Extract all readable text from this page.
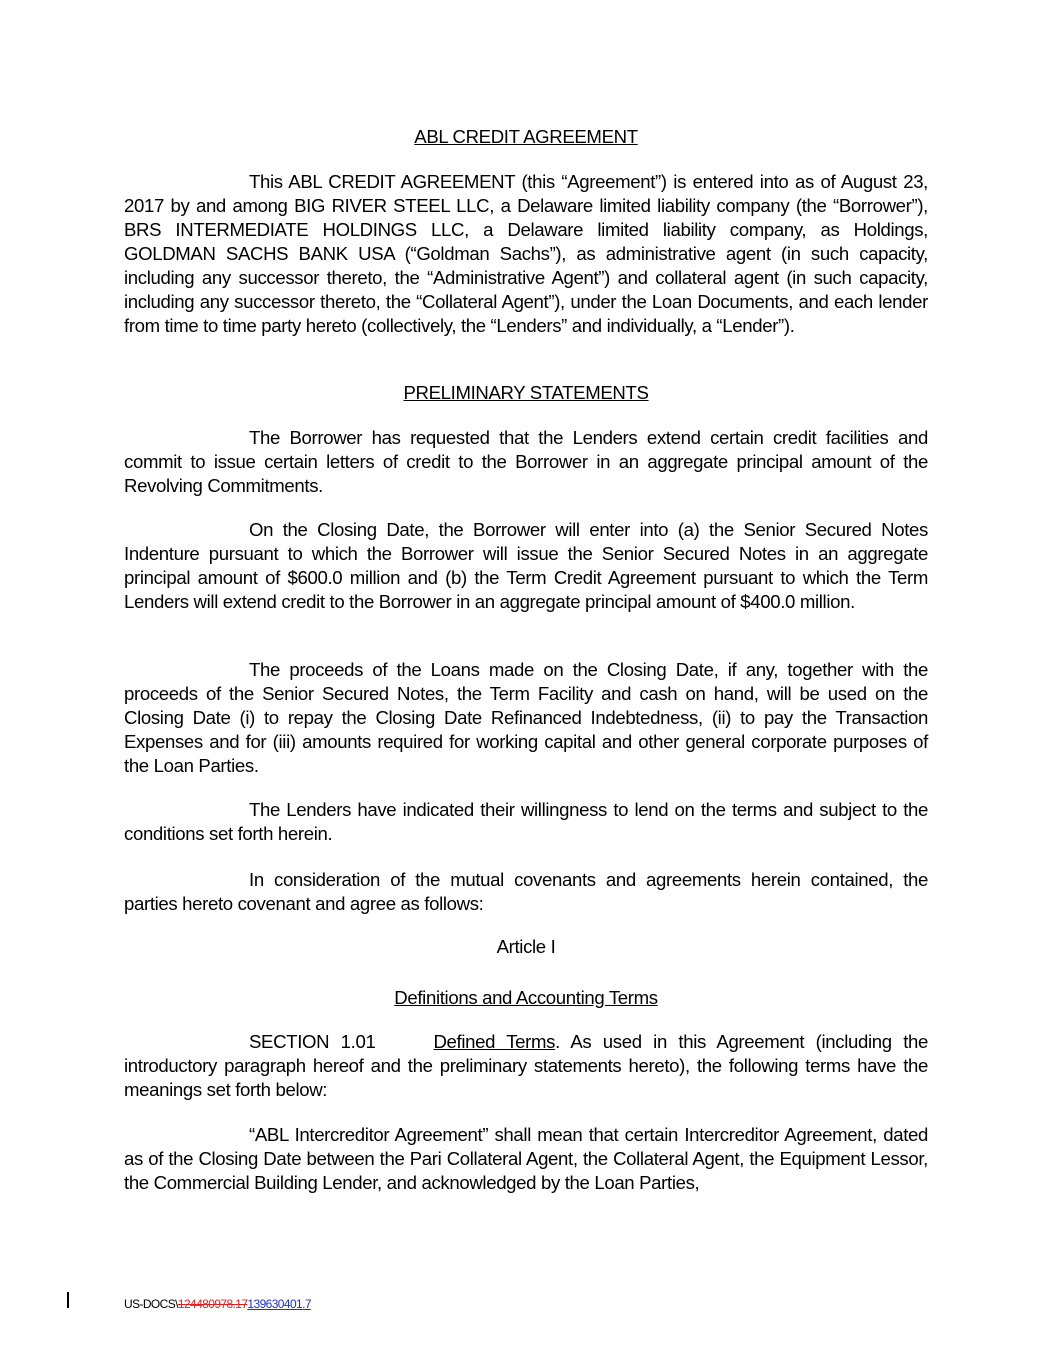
ABL CREDIT AGREEMENT

This ABL CREDIT AGREEMENT (this “Agreement”) is entered into as of August 23, 2017 by and among BIG RIVER STEEL LLC, a Delaware limited liability company (the “Borrower”), BRS INTERMEDIATE HOLDINGS LLC, a Delaware limited liability company, as Holdings, GOLDMAN SACHS BANK USA (“Goldman Sachs”), as administrative agent (in such capacity, including any successor thereto, the “Administrative Agent”) and collateral agent (in such capacity, including any successor thereto, the “Collateral Agent”), under the Loan Documents, and each lender from time to time party hereto (collectively, the “Lenders” and individually, a “Lender”).

PRELIMINARY STATEMENTS

The Borrower has requested that the Lenders extend certain credit facilities and commit to issue certain letters of credit to the Borrower in an aggregate principal amount of the Revolving Commitments.

On the Closing Date, the Borrower will enter into (a) the Senior Secured Notes Indenture pursuant to which the Borrower will issue the Senior Secured Notes in an aggregate principal amount of $600.0 million and (b) the Term Credit Agreement pursuant to which the Term Lenders will extend credit to the Borrower in an aggregate principal amount of $400.0 million.

The proceeds of the Loans made on the Closing Date, if any, together with the proceeds of the Senior Secured Notes, the Term Facility and cash on hand, will be used on the Closing Date (i) to repay the Closing Date Refinanced Indebtedness, (ii) to pay the Transaction Expenses and for (iii) amounts required for working capital and other general corporate purposes of the Loan Parties.

The Lenders have indicated their willingness to lend on the terms and subject to the conditions set forth herein.

In consideration of the mutual covenants and agreements herein contained, the parties hereto covenant and agree as follows:

Article I

Definitions and Accounting Terms

SECTION 1.01	Defined Terms. As used in this Agreement (including the introductory paragraph hereof and the preliminary statements hereto), the following terms have the meanings set forth below:

“ABL Intercreditor Agreement” shall mean that certain Intercreditor Agreement, dated as of the Closing Date between the Pari Collateral Agent, the Collateral Agent, the Equipment Lessor, the Commercial Building Lender, and acknowledged by the Loan Parties,

US-DOCS\124480978.17139630401.7
